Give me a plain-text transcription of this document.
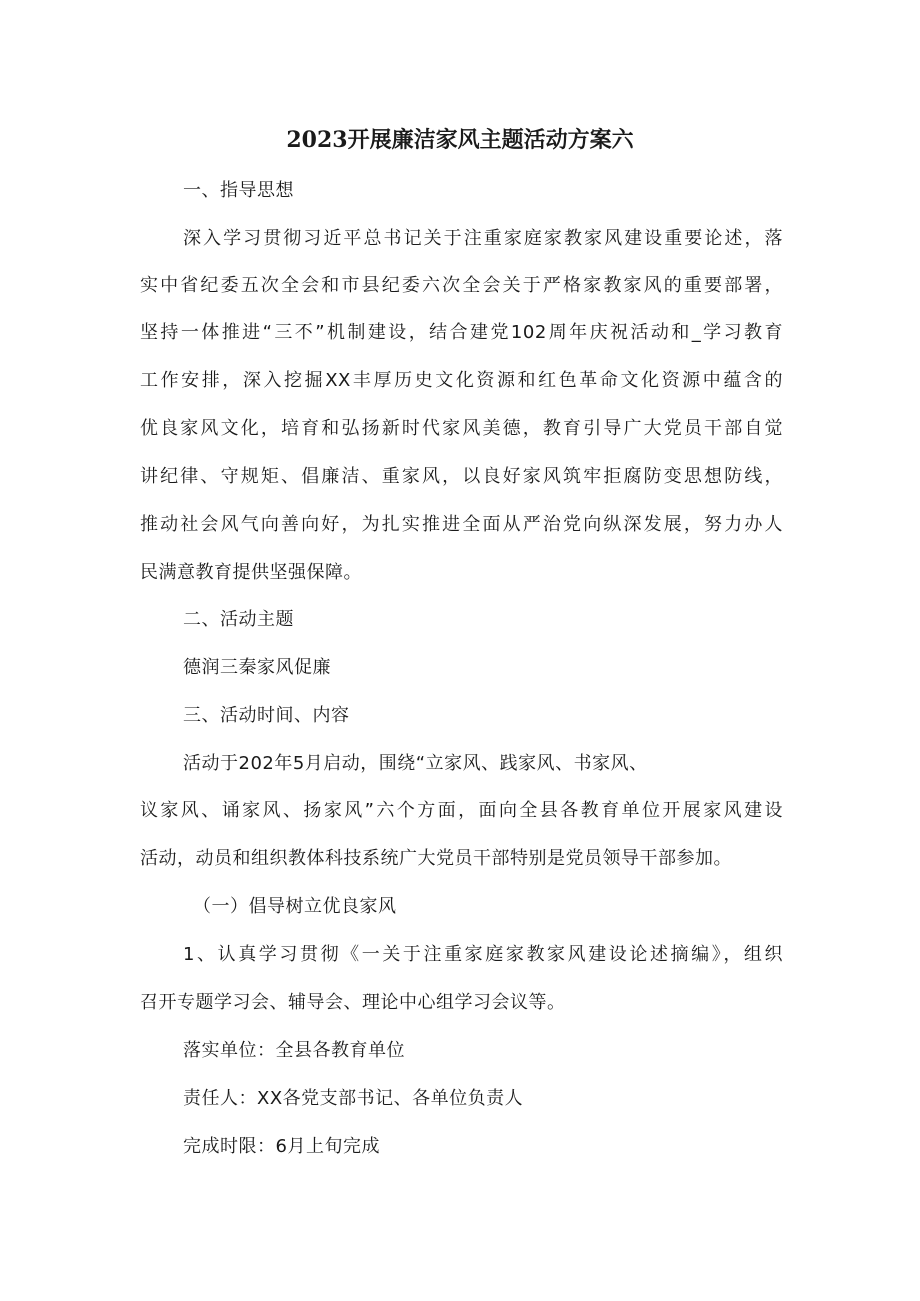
2023开展廉洁家风主题活动方案六
一、指导思想
深入学习贯彻习近平总书记关于注重家庭家教家风建设重要论述，落
实中省纪委五次全会和市县纪委六次全会关于严格家教家风的重要部署，
坚持一体推进“三不”机制建设，结合建党102周年庆祝活动和_学习教育
工作安排，深入挖掘XX丰厚历史文化资源和红色革命文化资源中蕴含的
优良家风文化，培育和弘扬新时代家风美德，教育引导广大党员干部自觉
讲纪律、守规矩、倡廉洁、重家风，以良好家风筑牢拒腐防变思想防线，
推动社会风气向善向好，为扎实推进全面从严治党向纵深发展，努力办人
民满意教育提供坚强保障。
二、活动主题
德润三秦家风促廉
三、活动时间、内容
活动于202年5月启动，围绕“立家风、践家风、书家风、
议家风、诵家风、扬家风”六个方面，面向全县各教育单位开展家风建设
活动，动员和组织教体科技系统广大党员干部特别是党员领导干部参加。
（一）倡导树立优良家风
1、认真学习贯彻《一关于注重家庭家教家风建设论述摘编》，组织
召开专题学习会、辅导会、理论中心组学习会议等。
落实单位：全县各教育单位
责任人：XX各党支部书记、各单位负责人
完成时限：6月上旬完成
